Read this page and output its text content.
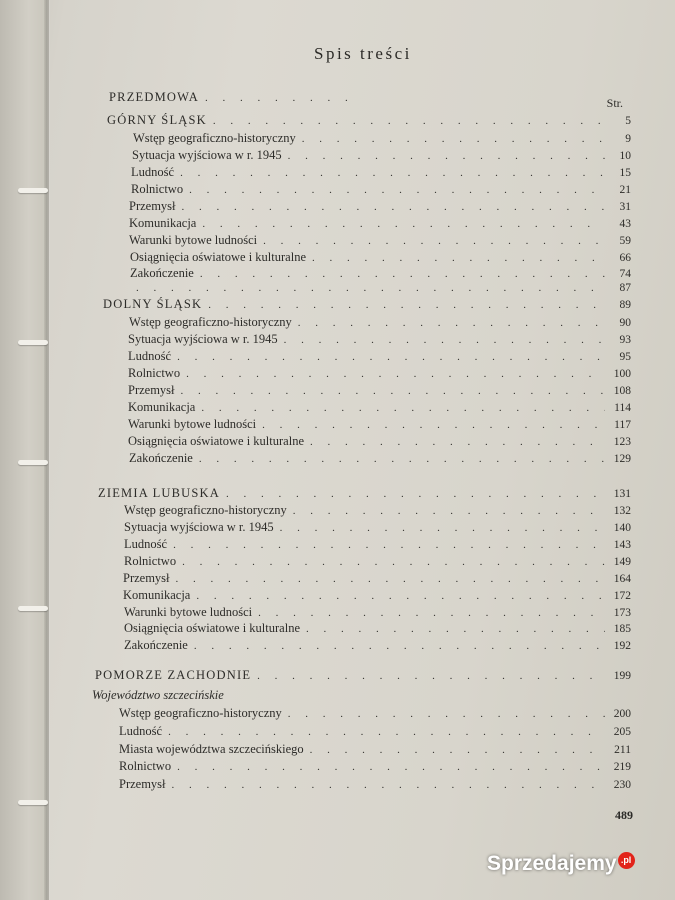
Spis treści
Str.
PRZEDMOWA
. . .
GÓRNY ŚLĄSK . . .	5
Wstęp geograficzno-historyczny . . .	9
Sytuacja wyjściowa w r. 1945 . . .	10
Ludność . . .	15
Rolnictwo . . .	21
Przemysł . . .	31
Komunikacja . . .	43
Warunki bytowe ludności . . .	59
Osiągnięcia oświatowe i kulturalne . . .	66
Zakończenie . . .	74
. . .
87
DOLNY ŚLĄSK . . .	89
Wstęp geograficzno-historyczny . . .	90
Sytuacja wyjściowa w r. 1945 . . .	93
Ludność . . .	95
Rolnictwo . . .	100
Przemysł . . .	108
Komunikacja . . .	114
Warunki bytowe ludności . . .	117
Osiągnięcia oświatowe i kulturalne . . .	123
Zakończenie . . .	129
ZIEMIA LUBUSKA . . .	131
Wstęp geograficzno-historyczny . . .	132
Sytuacja wyjściowa w r. 1945 . . .	140
Ludność . . .	143
Rolnictwo . . .	149
Przemysł . . .	164
Komunikacja . . .	172
Warunki bytowe ludności . . .	173
Osiągnięcia oświatowe i kulturalne . . .	185
Zakończenie . . .	192
POMORZE ZACHODNIE . . .	199
Województwo szczecińskie
Wstęp geograficzno-historyczny . . .	200
Ludność . . .	205
Miasta województwa szczecińskiego . . .	211
Rolnictwo . . .	219
Przemysł . . .	230
489
Sprzedajemy .pl
